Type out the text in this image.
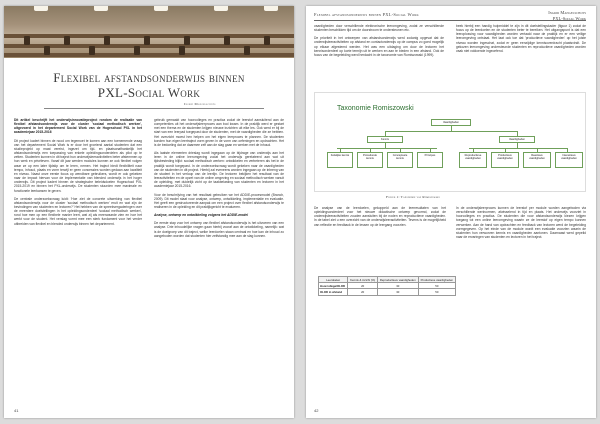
Flexibel afstandsonderwijs binnen PXL-Social Work
Ingrid Mangelschots

Dit artikel beschrijft het onderwijsinnovatieproject rondom de realisatie van flexibel afstandsonderwijs voor de cluster 'sociaal methodisch werken', uitgevoerd in het departement Social Work van de Hogeschool PXL in het academiejaar 2015-2016

Dit project kadert binnen de nood om tegemoet te komen aan een toenemende vraag van het departement Social Work is er door het groeiend aantal studenten dat een studieprojekt op maat vereist, ingezet om tijd- en plaatsonafhankelijk het afstandsonderwijs een toepassing van enkele opleidingsonderdelen als pilot op te zetten. Studenten kunnen in dit traject hun onderwijsleeractiviteiten beter afstemmen op hun werk en privéleven. Vanaf dit jaar werden modules kunnen ze ook flexibel volgen waar ze op een later tijdstip om te leren, nemen. Het traject biedt flexibiliteit naar tempo, inhoud, plaats en vorm terwijl er geen concessies worden gedaan aan kwaliteit en niveau. Naast onze eerste focus op wendbare gebruikers, wordt er ook gekeken naar de impact hiervan voor de implementatie van blended onderwijs in het hoger onderwijs. Dit project kadert binnen de strategische beleidsdoelen Hogeschool PXL 2015-2019 en binnen het PXL-onderwijs. De studenten stuurden mee maximale en functionele leerkansen te geven.

De centrale onderzoeksvraag luidt: 'Hoe ziet de concrete uitwerking van flexibel afstandsonderwijs voor de cluster 'sociaal methodisch werken' eruit en wat zijn de bevindingen van studenten en lectoren?' Het hebben van de spreekvergaderingen over de meerdere doelstellingen in het opleidingsonderdeel 'sociaal methodisch werken', rond hoe men op een flexibele manier leert, wat zij als meerwaarde zien en hoe het werkt voor de student. Het verslag vormt mee een sterk fundament voor het verder uitbreiden van flexibel en blended onderwijs binnen het departement.

gebruik gemaakt van hoorcolleges en practica zodat de leerstof aansluitend aan de competenties uit het onderwijsleerproces aan bod kwam. In de praktijk werd er gestart met een thema en de studenten krijgen nieuwe inzichten uit elke les. Ook werd er bij de start van een leerpad toegepast door de studenten, met de vaardigheden die ze hebben. Het overzicht moest hen helpen om het eigen leerproces te plannen. De studenten konden hun eigen leertraject vorm geven in de vorm van oefeningen en opdrachten. Het is de bedoeling dat ze daarmee zelf aan de slag gaan en werken met de inhoud.

Als laatste elementen drieslag wordt ingegaan op de bijdrage van onderwijs aan het leren in de online leeromgeving zodat het onderwijs gerelateerd aan wat uit tijdsbesteding blijkt: sociaal methodisch werken: ontwikkelen en verbeteren als het in de praktijk wordt toegepast. In de onderzoeksvraag wordt gekeken naar de vaardigheden van de studenten in dit project. Hierbij zal eveneens worden ingegaan op de inbreng van de student in het verloop van de leerlijn. De lectoren bekijken het resultaat van de leeractiviteiten en de opzet van de online omgeving en sociaal methodisch werken vanuit de opleiding, met duidelijk zicht op de taakbelasting van studenten en lectoren in het academiejaar 2015-2016.

Voor de beschrijving van het resultaat gebruiken we het ADDIE-procesmodel (Branch, 2009). Dit model staat voor analyse, ontwerp, ontwikkeling, implementatie en evaluatie. Het geeft een gestructureerde aanpak om een project over flexibel afstandsonderwijs te realiseren in de opleiding en dit praktijkgericht te evalueren.

Analyse, ontwerp en ontwikkeling volgens het ADDIE-model

De eerste stap voor het ontwerp van flexibel afstandsonderwijs is het uitvoeren van een analyse. Drie inhoudelijke vragen gaan hierbij vooraf aan de ontwikkeling, namelijk: wat is de doelgroep van dit traject, welke leerdoelen staan centraal en hoe kan de inhoud zo aangeboden worden dat studenten hier zelfstandig mee aan de slag kunnen.

41
Flexibel afstandsonderwijs binnen PXL-Social Work	Ingrid Mangelschots
PXL-Social Work

vaardigheden door verschillende elektronische leeromgeving, zodat ze verschillende studenten beschikken tijd om de doorstroom te ondersteunen etc.

De prioriteit in het ontwerpen van afstandsonderwijs werd zodanig opgevat dat de onderwijsleeractiviteiten op afstand en contactonderwijs op de campus zo goed mogelijk op elkaar afgestemd werden. Het was een uitdaging om door de lectoren het kennisonderdeel op korte termijn uit te werken en aan te bieden in een afstand. Ook de focus van de begeleiding werd herdacht in de taxonomie van Romiszowski (1999).

beek hierbij een handig hulpmiddel te zijn in dit doelstellingskader (figuur 1) zodat de focus op de leerdoelen en de studenten beter te bereiken. Het uitgangspunt is dat een leeroplossing voor vaardigheden worden vertaald naar de praktijk en er een veilige leeromgeving ontstaat. Het laat ook toe dat 'productieve vaardigheden' op het juiste niveau worden ingeschat, zodat er geen eenzijdige kennisoverdracht plaatsvindt. De gekozen leeromgeving ondersteunde studenten en reproductieve vaardigheden worden vaak niet voldoende ingeoefend.

Taxonomie Romiszowski
Vaardigheden
Kennis	Vaardigheden
Feitelijke kennis	Procedurele kennis
Conceptuele kennis
Principes	Reproductieve vaardigheden
Productieve vaardigheden
Reactieve vaardigheden
Interactieve vaardigheden
Figuur 1: Taxonomie van Romiszowski

De analyse van de leerdoelen, gekoppeld aan de leerresultaten van het opleidingsonderdeel voor het nieuwe didactische ontwerp gevormd, zodat de onderwijsleeractiviteiten zouden aansluiten bij de noden en reproductieve vaardigheden. In de tabel ziet u een overzicht van de onderwijsleeractiviteiten. Tevens is de mogelijkheid van reflectie en feedback in de lessen op de leergang voorzien.

Leerdoelen	Kennis & inzicht (%)	Reproductieve vaardigheden	Productieve vaardigheden
Hoorcollege/OLOD	20	30	50
OLOD in afstand	20	30	50

In de onderwijsleerproces kunnen de leerstof per module worden aangeboden via verschillende werkvormen, afwisselend in tijd en plaats. Het onderwijs voorziet in hoorcolleges en practica. De studenten die voor afstandsonderwijs kiezen krijgen toegang tot een online leeromgeving waarin ze de leerstof op eigen tempo kunnen verwerken. Aan de hand van opdrachten en feedback van lectoren werd de begeleiding vormgegeven. Op het einde van de module wordt een evaluatie voorzien waarin de studenten hun verworven kennis en vaardigheden aantonen. Daarnaast werd gepeild naar de ervaringen van studenten en lectoren in het traject.

42
